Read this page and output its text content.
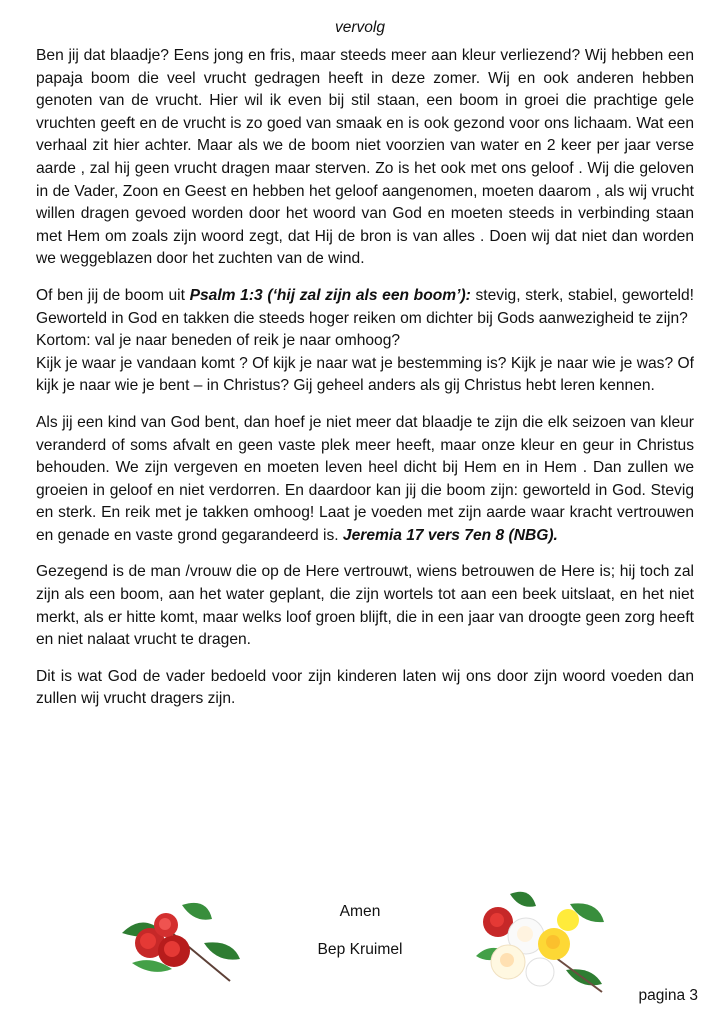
vervolg

Ben jij dat blaadje? Eens jong en fris, maar steeds meer aan kleur verliezend? Wij hebben een papaja boom die veel vrucht gedragen heeft in deze zomer. Wij en ook anderen hebben genoten van de vrucht. Hier wil ik even bij stil staan, een boom in groei die prachtige gele vruchten geeft en de vrucht is zo goed van smaak en is ook gezond voor ons lichaam. Wat een verhaal zit hier achter. Maar als we de boom niet voorzien van water en 2 keer per jaar verse aarde , zal hij geen vrucht dragen maar sterven. Zo is het ook met ons geloof . Wij die geloven in de Vader, Zoon en Geest en hebben het geloof aangenomen, moeten daarom , als wij vrucht willen dragen gevoed worden door het woord van God en moeten steeds in verbinding staan met Hem om zoals zijn woord zegt, dat Hij de bron is van alles . Doen wij dat niet dan worden we weggeblazen door het zuchten van de wind.

Of ben jij de boom uit Psalm 1:3 (‘hij zal zijn als een boom’): stevig, sterk, stabiel, geworteld! Geworteld in God en takken die steeds hoger reiken om dichter bij Gods aanwezigheid te zijn?
Kortom: val je naar beneden of reik je naar omhoog?
Kijk je waar je vandaan komt ? Of kijk je naar wat je bestemming is? Kijk je naar wie je was? Of kijk je naar wie je bent – in Christus? Gij geheel anders als gij Christus hebt leren kennen.

Als jij een kind van God bent, dan hoef je niet meer dat blaadje te zijn die elk seizoen van kleur veranderd of soms afvalt en geen vaste plek meer heeft, maar onze kleur en geur in Christus behouden. We zijn vergeven en moeten leven heel dicht bij Hem en in Hem . Dan zullen we groeien in geloof en niet verdorren. En daardoor kan jij die boom zijn: geworteld in God. Stevig en sterk. En reik met je takken omhoog! Laat je voeden met zijn aarde waar kracht vertrouwen en genade en vaste grond gegarandeerd is. Jeremia 17 vers 7en 8 (NBG).

Gezegend is de man /vrouw die op de Here vertrouwt, wiens betrouwen de Here is; hij toch zal zijn als een boom, aan het water geplant, die zijn wortels tot aan een beek uitslaat, en het niet merkt, als er hitte komt, maar welks loof groen blijft, die in een jaar van droogte geen zorg heeft en niet nalaat vrucht te dragen.

Dit is wat God de vader bedoeld voor zijn kinderen laten wij ons door zijn woord voeden dan zullen wij vrucht dragers zijn.

Amen
Bep Kruimel
pagina 3
